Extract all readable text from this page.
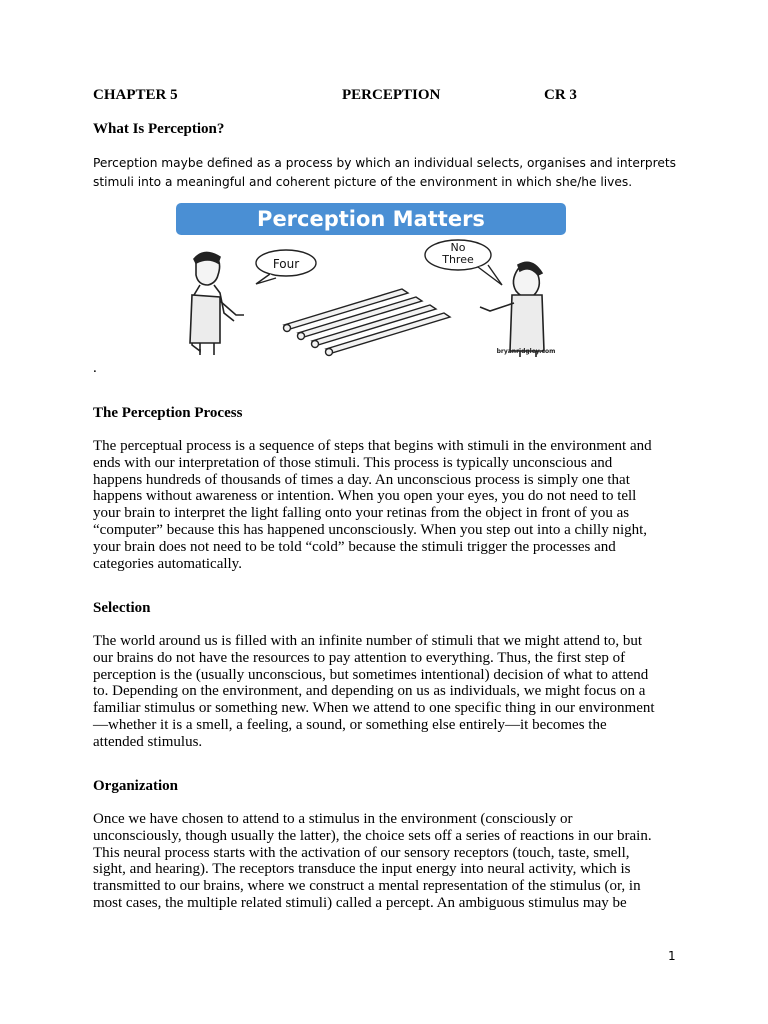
CHAPTER 5	PERCEPTION	CR 3

What Is Perception?

Perception maybe defined as a process by which an individual selects, organises and interprets stimuli into a meaningful and coherent picture of the environment in which she/he lives.

Perception Matters
Four
No
Three
bryanridgley.com

.

The Perception Process

The perceptual process is a sequence of steps that begins with stimuli in the environment and
ends with our interpretation of those stimuli. This process is typically unconscious and
happens hundreds of thousands of times a day. An unconscious process is simply one that
happens without awareness or intention. When you open your eyes, you do not need to tell
your brain to interpret the light falling onto your retinas from the object in front of you as
“computer” because this has happened unconsciously. When you step out into a chilly night,
your brain does not need to be told “cold” because the stimuli trigger the processes and
categories automatically.

Selection

The world around us is filled with an infinite number of stimuli that we might attend to, but
our brains do not have the resources to pay attention to everything. Thus, the first step of
perception is the (usually unconscious, but sometimes intentional) decision of what to attend
to. Depending on the environment, and depending on us as individuals, we might focus on a
familiar stimulus or something new. When we attend to one specific thing in our environment
—whether it is a smell, a feeling, a sound, or something else entirely—it becomes the
attended stimulus.

Organization

Once we have chosen to attend to a stimulus in the environment (consciously or
unconsciously, though usually the latter), the choice sets off a series of reactions in our brain.
This neural process starts with the activation of our sensory receptors (touch, taste, smell,
sight, and hearing). The receptors transduce the input energy into neural activity, which is
transmitted to our brains, where we construct a mental representation of the stimulus (or, in
most cases, the multiple related stimuli) called a percept. An ambiguous stimulus may be

1
